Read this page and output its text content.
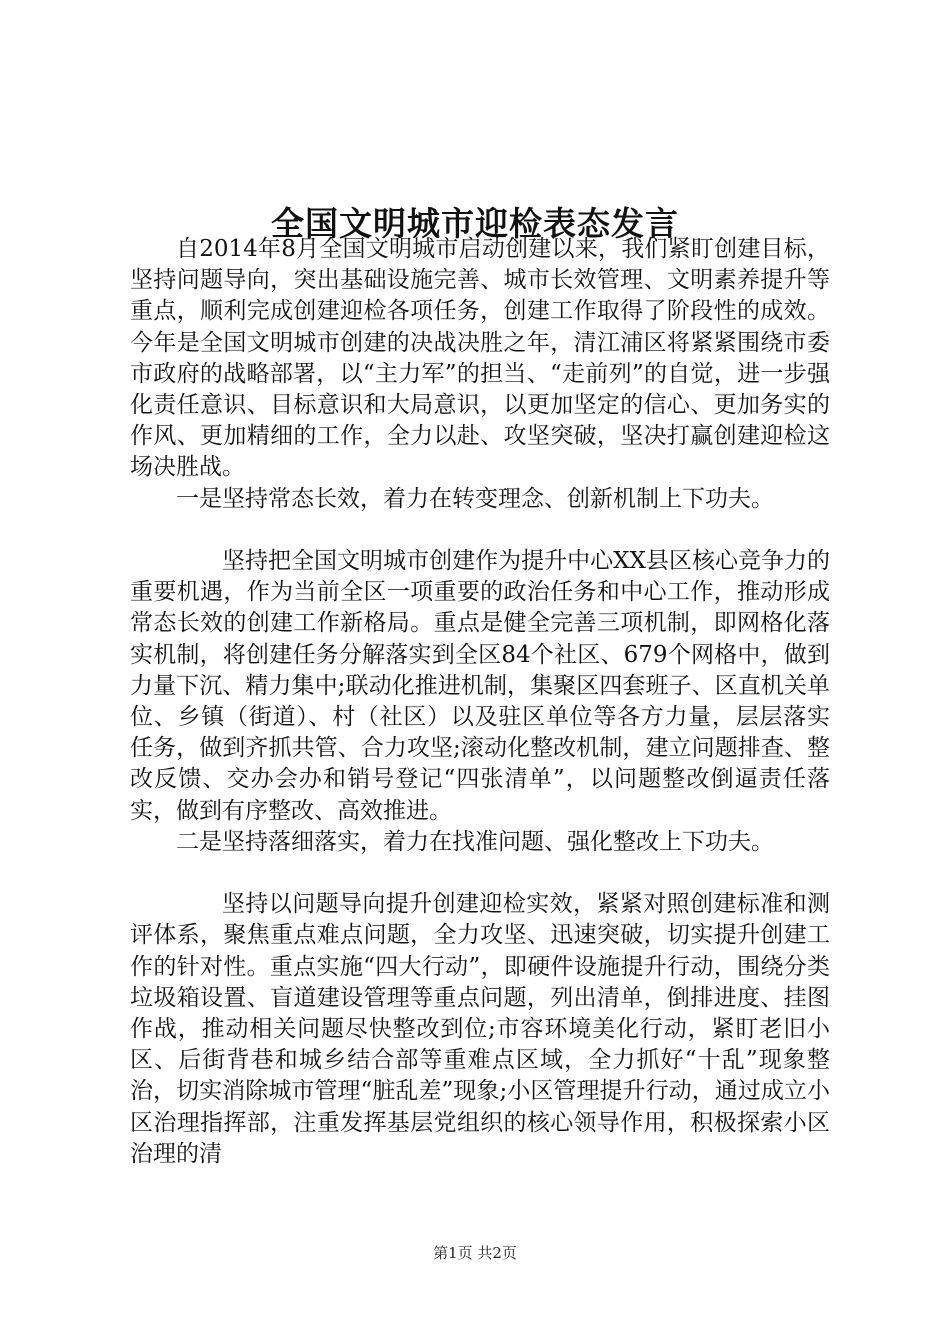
全国文明城市迎检表态发言

自2014年8月全国文明城市启动创建以来，我们紧盯创建目标，坚持问题导向，突出基础设施完善、城市长效管理、文明素养提升等重点，顺利完成创建迎检各项任务，创建工作取得了阶段性的成效。今年是全国文明城市创建的决战决胜之年，清江浦区将紧紧围绕市委市政府的战略部署，以“主力军”的担当、“走前列”的自觉，进一步强化责任意识、目标意识和大局意识，以更加坚定的信心、更加务实的作风、更加精细的工作，全力以赴、攻坚突破，坚决打赢创建迎检这场决胜战。

一是坚持常态长效，着力在转变理念、创新机制上下功夫。

坚持把全国文明城市创建作为提升中心XX县区核心竞争力的重要机遇，作为当前全区一项重要的政治任务和中心工作，推动形成常态长效的创建工作新格局。重点是健全完善三项机制，即网格化落实机制，将创建任务分解落实到全区84个社区、679个网格中，做到力量下沉、精力集中;联动化推进机制，集聚区四套班子、区直机关单位、乡镇（街道）、村（社区）以及驻区单位等各方力量，层层落实任务，做到齐抓共管、合力攻坚;滚动化整改机制，建立问题排查、整改反馈、交办会办和销号登记“四张清单”，以问题整改倒逼责任落实，做到有序整改、高效推进。

二是坚持落细落实，着力在找准问题、强化整改上下功夫。

坚持以问题导向提升创建迎检实效，紧紧对照创建标准和测评体系，聚焦重点难点问题，全力攻坚、迅速突破，切实提升创建工作的针对性。重点实施“四大行动”，即硬件设施提升行动，围绕分类垃圾箱设置、盲道建设管理等重点问题，列出清单，倒排进度、挂图作战，推动相关问题尽快整改到位;市容环境美化行动，紧盯老旧小区、后街背巷和城乡结合部等重难点区域，全力抓好“十乱”现象整治，切实消除城市管理“脏乱差”现象;小区管理提升行动，通过成立小区治理指挥部，注重发挥基层党组织的核心领导作用，积极探索小区治理的清

第1页 共2页
